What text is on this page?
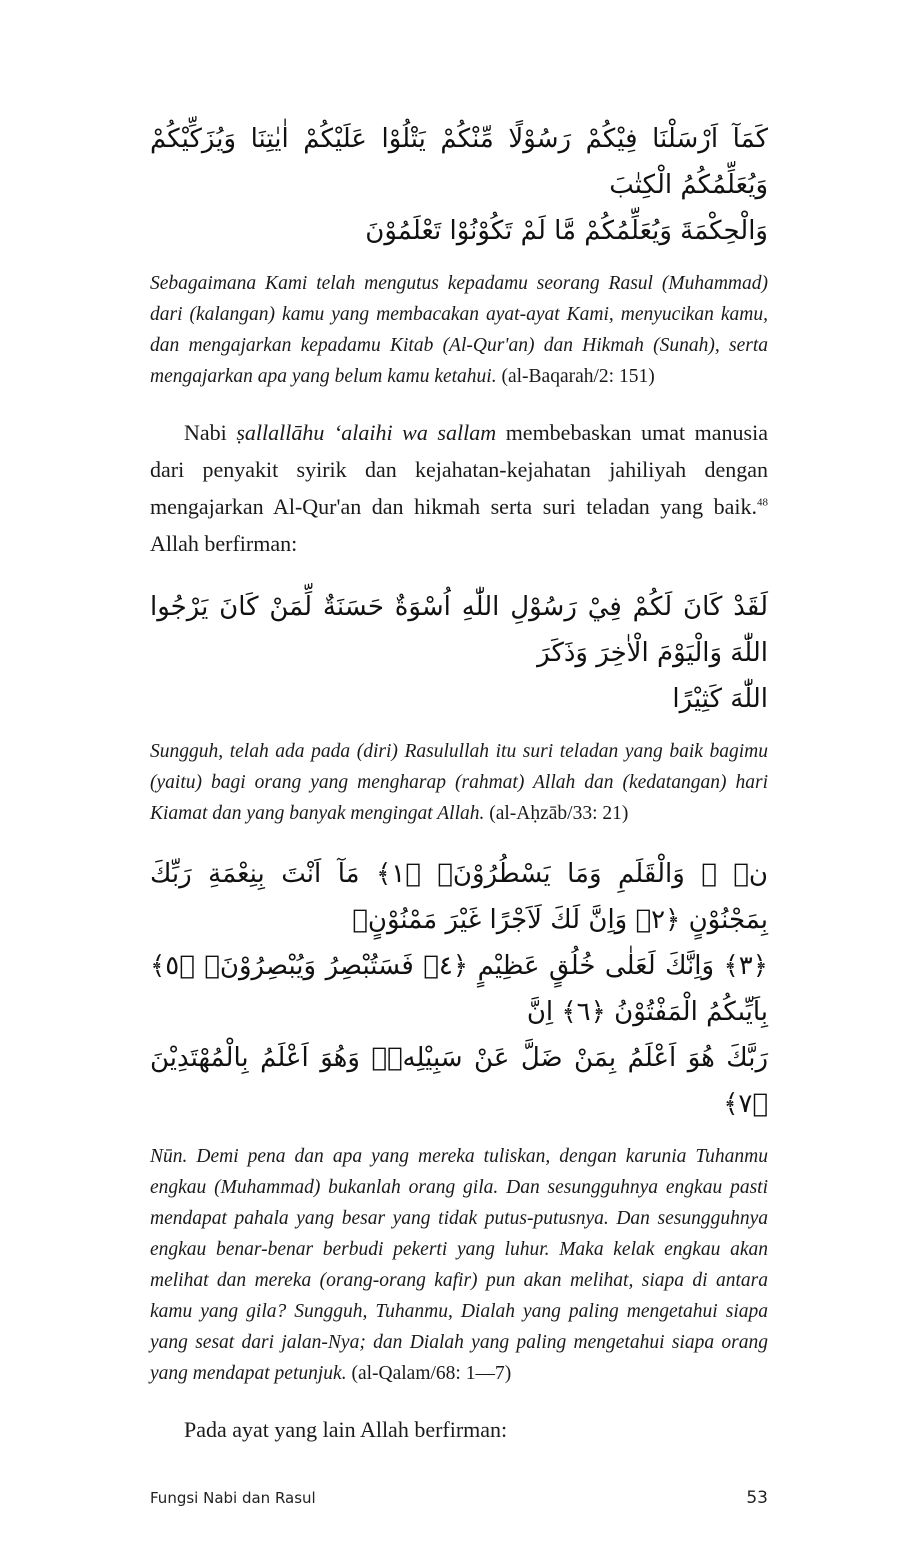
كَمَآ اَرْسَلْنَا فِيْكُمْ رَسُوْلًا مِّنْكُمْ يَتْلُوْا عَلَيْكُمْ اٰيٰتِنَا وَيُزَكِّيْكُمْ وَيُعَلِّمُكُمُ الْكِتٰبَ
وَالْحِكْمَةَ وَيُعَلِّمُكُمْ مَّا لَمْ تَكُوْنُوْا تَعْلَمُوْنَ

Sebagaimana Kami telah mengutus kepadamu seorang Rasul (Muhammad) dari (kalangan) kamu yang membacakan ayat-ayat Kami, menyucikan kamu, dan mengajarkan kepadamu Kitab (Al-Qur'an) dan Hikmah (Sunah), serta mengajarkan apa yang belum kamu ketahui. (al-Baqarah/2: 151)

Nabi ṣallallāhu ‘alaihi wa sallam membebaskan umat manusia dari penyakit syirik dan kejahatan-kejahatan jahiliyah dengan mengajarkan Al-Qur'an dan hikmah serta suri teladan yang baik.$^{48}$ Allah berfirman:

لَقَدْ كَانَ لَكُمْ فِيْ رَسُوْلِ اللّٰهِ اُسْوَةٌ حَسَنَةٌ لِّمَنْ كَانَ يَرْجُوا اللّٰهَ وَالْيَوْمَ الْاٰخِرَ وَذَكَرَ
اللّٰهَ كَثِيْرًا

Sungguh, telah ada pada (diri) Rasulullah itu suri teladan yang baik bagimu (yaitu) bagi orang yang mengharap (rahmat) Allah dan (kedatangan) hari Kiamat dan yang banyak mengingat Allah. (al-Aḥzāb/33: 21)

نۤ ۚ وَالْقَلَمِ وَمَا يَسْطُرُوْنَۙ ﴿١﴾ مَآ اَنْتَ بِنِعْمَةِ رَبِّكَ بِمَجْنُوْنٍ ﴿٢﴾ وَاِنَّ لَكَ لَاَجْرًا غَيْرَ مَمْنُوْنٍۚ
﴿٣﴾ وَاِنَّكَ لَعَلٰى خُلُقٍ عَظِيْمٍ ﴿٤﴾ فَسَتُبْصِرُ وَيُبْصِرُوْنَۙ ﴿٥﴾ بِاَيِّىكُمُ الْمَفْتُوْنُ ﴿٦﴾ اِنَّ
رَبَّكَ هُوَ اَعْلَمُ بِمَنْ ضَلَّ عَنْ سَبِيْلِهٖۖ وَهُوَ اَعْلَمُ بِالْمُهْتَدِيْنَ ﴿٧﴾

Nūn. Demi pena dan apa yang mereka tuliskan, dengan karunia Tuhanmu engkau (Muhammad) bukanlah orang gila. Dan sesungguhnya engkau pasti mendapat pahala yang besar yang tidak putus-putusnya. Dan sesungguhnya engkau benar-benar berbudi pekerti yang luhur. Maka kelak engkau akan melihat dan mereka (orang-orang kafir) pun akan melihat, siapa di antara kamu yang gila? Sungguh, Tuhanmu, Dialah yang paling mengetahui siapa yang sesat dari jalan-Nya; dan Dialah yang paling mengetahui siapa orang yang mendapat petunjuk. (al-Qalam/68: 1—7)

Pada ayat yang lain Allah berfirman:

Fungsi Nabi dan Rasul	53
